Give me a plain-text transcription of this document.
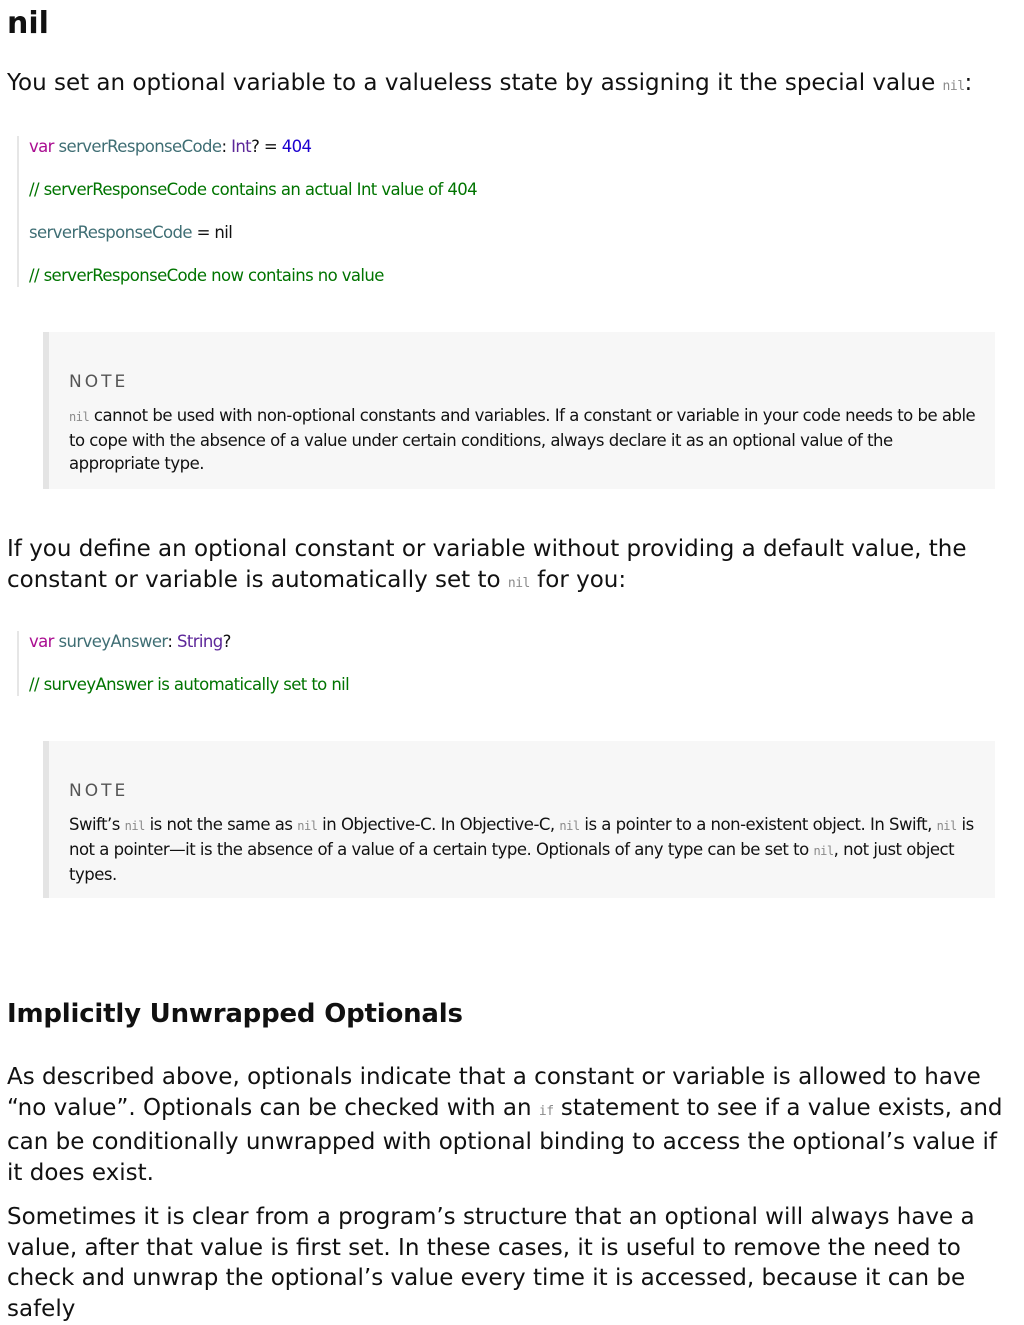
nil

You set an optional variable to a valueless state by assigning it the special value nil:

var serverResponseCode: Int? = 404
// serverResponseCode contains an actual Int value of 404
serverResponseCode = nil
// serverResponseCode now contains no value
NOTE

nil cannot be used with non-optional constants and variables. If a constant or variable in your code needs to be able to cope with the absence of a value under certain conditions, always declare it as an optional value of the appropriate type.

If you define an optional constant or variable without providing a default value, the constant or variable is automatically set to nil for you:

var surveyAnswer: String?
// surveyAnswer is automatically set to nil
NOTE

Swift’s nil is not the same as nil in Objective-C. In Objective-C, nil is a pointer to a non-existent object. In Swift, nil is not a pointer—it is the absence of a value of a certain type. Optionals of any type can be set to nil, not just object types.

Implicitly Unwrapped Optionals

As described above, optionals indicate that a constant or variable is allowed to have “no value”. Optionals can be checked with an if statement to see if a value exists, and can be conditionally unwrapped with optional binding to access the optional’s value if it does exist.

Sometimes it is clear from a program’s structure that an optional will always have a value, after that value is first set. In these cases, it is useful to remove the need to check and unwrap the optional’s value every time it is accessed, because it can be safely
